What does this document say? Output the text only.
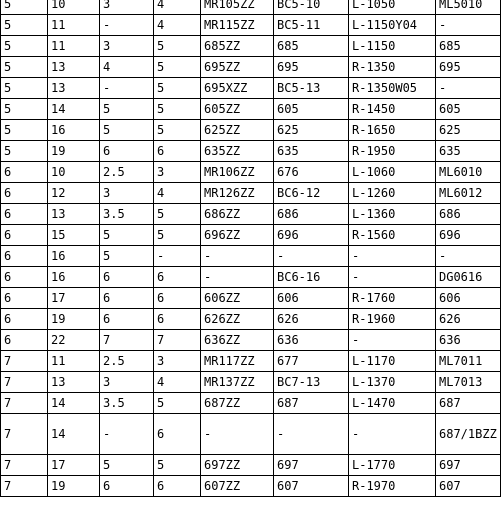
5	10	3	4	MR105ZZ	BC5-10	L-1050	ML5010
5	11	-	4	MR115ZZ	BC5-11	L-1150Y04	-
5	11	3	5	685ZZ	685	L-1150	685
5	13	4	5	695ZZ	695	R-1350	695
5	13	-	5	695XZZ	BC5-13	R-1350W05	-
5	14	5	5	605ZZ	605	R-1450	605
5	16	5	5	625ZZ	625	R-1650	625
5	19	6	6	635ZZ	635	R-1950	635
6	10	2.5	3	MR106ZZ	676	L-1060	ML6010
6	12	3	4	MR126ZZ	BC6-12	L-1260	ML6012
6	13	3.5	5	686ZZ	686	L-1360	686
6	15	5	5	696ZZ	696	R-1560	696
6	16	5	-	-	-	-	-
6	16	6	6	-	BC6-16	-	DG0616
6	17	6	6	606ZZ	606	R-1760	606
6	19	6	6	626ZZ	626	R-1960	626
6	22	7	7	636ZZ	636	-	636
7	11	2.5	3	MR117ZZ	677	L-1170	ML7011
7	13	3	4	MR137ZZ	BC7-13	L-1370	ML7013
7	14	3.5	5	687ZZ	687	L-1470	687
7	14	-	6	-	-	-	687/1BZZ
7	17	5	5	697ZZ	697	L-1770	697
7	19	6	6	607ZZ	607	R-1970	607
